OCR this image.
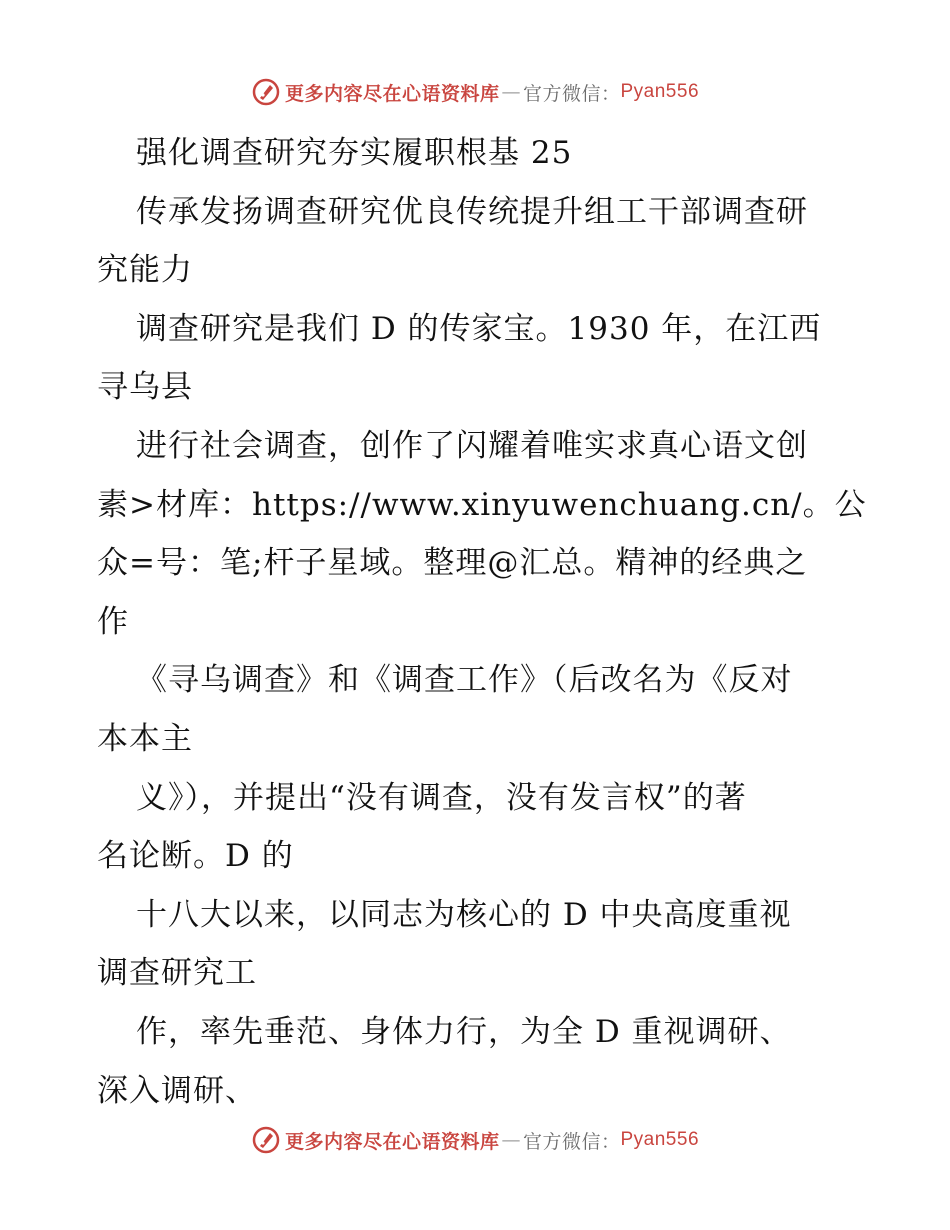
更多内容尽在心语资料库 — 官方微信： Pyan556
强化调查研究夯实履职根基 25
传承发扬调查研究优良传统提升组工干部调查研
究能力
调查研究是我们 D 的传家宝。1930 年，在江西
寻乌县
进行社会调查，创作了闪耀着唯实求真心语文创
素>材库：https://www.xinyuwenchuang.cn/。公
众=号：笔;杆子星域。整理@汇总。精神的经典之
作
《寻乌调查》和《调查工作》（后改名为《反对
本本主
义》），并提出“没有调查，没有发言权”的著
名论断。D 的
十八大以来，以同志为核心的 D 中央高度重视
调查研究工
作，率先垂范、身体力行，为全 D 重视调研、
深入调研、
更多内容尽在心语资料库 — 官方微信： Pyan556
